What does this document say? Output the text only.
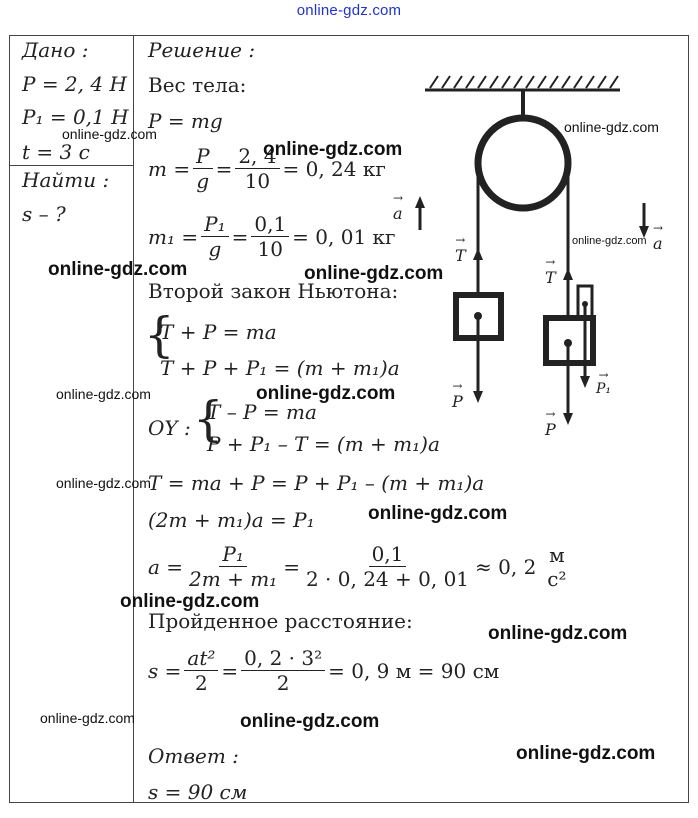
online-gdz.com
Дано :
P = 2, 4 Н
P₁ = 0,1 Н
t = 3 с
Найти :
s – ?
Решение :
Вес тела:
P = mg
$m = \frac{P}{g} = \frac{2, 4}{10} = 0$, 24 кг
$m_1 = \frac{\text{P₁}}{g} = \frac{0,1}{10} = 0$, 01 кг
Второй закон Ньютона:
{
T + P = ma
T + P + P₁ = (m + m₁)a
OY : {
T – P = ma
P + P₁ – T = (m + m₁)a
T = ma + P = P + P₁ – (m + m₁)a
(2m + m₁)a = P₁
$a = \frac{\text{P₁}}{\text{2m + m₁}} = \frac{0,1}{2 \cdot 0, 24 + 0, 01} \approx 0$, 2 м
с²
Пройденное расстояние:
$s = \frac{\text{at²}}{2} = \frac{\text{0, 2 · 3²}}{2} = 0$, 9 м = 90 см
Ответ :
s = 90 см
→ a
→ a
→ T
→ T
→ P
→ P
→ P₁
online-gdz.com
online-gdz.com
online-gdz.com
online-gdz.com
online-gdz.com	online-gdz.com
online-gdz.com	online-gdz.com
online-gdz.com
online-gdz.com
online-gdz.com
online-gdz.com
online-gdz.com	online-gdz.com
online-gdz.com
